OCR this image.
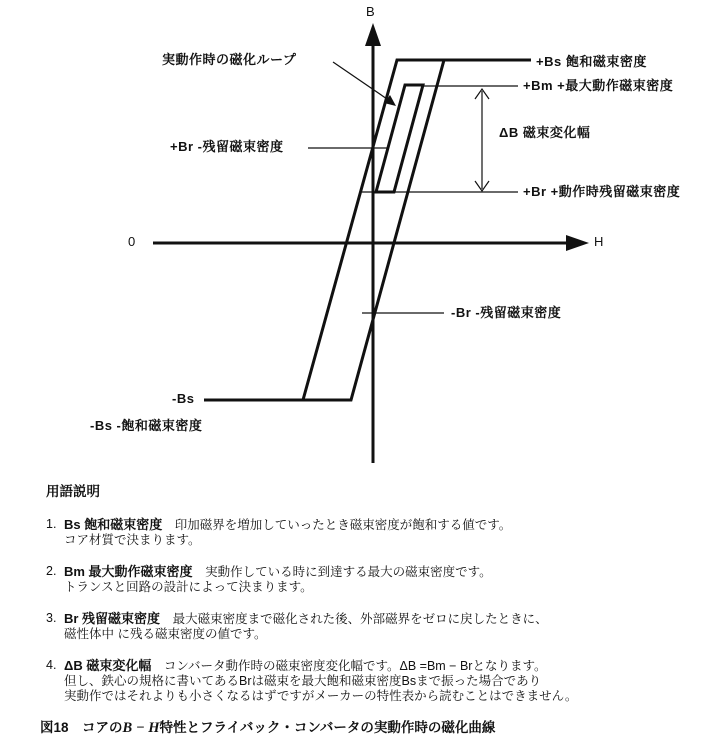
B
0	H
実動作時の磁化ループ
+Br -残留磁束密度
+Bs 飽和磁束密度
+Bm +最大動作磁束密度
ΔB 磁束変化幅
+Br +動作時残留磁束密度
-Br -残留磁束密度
-Bs
-Bs -飽和磁束密度

用語説明

1. Bs 飽和磁束密度　印加磁界を増加していったとき磁束密度が飽和する値です。
コア材質で決まります。
2. Bm 最大動作磁束密度　実動作している時に到達する最大の磁束密度です。
トランスと回路の設計によって決まります。
3. Br 残留磁束密度　最大磁束密度まで磁化された後、外部磁界をゼロに戻したときに、
磁性体中 に残る磁束密度の値です。
4. ΔB 磁束変化幅　コンバータ動作時の磁束密度変化幅です。ΔB =Bm − Brとなります。
但し、鉄心の規格に書いてあるBrは磁束を最大飽和磁束密度Bsまで振った場合であり
実動作ではそれよりも小さくなるはずですがメーカーの特性表から読むことはできません。
図18　コアのB − H特性とフライバック・コンバータの実動作時の磁化曲線
